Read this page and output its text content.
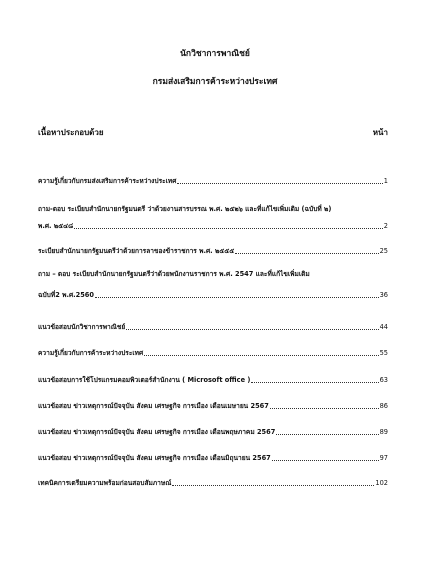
นักวิชาการพาณิชย์
กรมส่งเสริมการค้าระหว่างประเทศ
เนื้อหาประกอบด้วย	หน้า
ความรู้เกี่ยวกับกรมส่งเสริมการค้าระหว่างประเทศ	1
ถาม-ตอบ ระเบียบสำนักนายกรัฐมนตรี ว่าด้วยงานสารบรรณ พ.ศ. ๒๕๒๖ และที่แก้ไขเพิ่มเติม (ฉบับที่ ๒)
พ.ศ. ๒๕๔๘	2
ระเบียบสำนักนายกรัฐมนตรีว่าด้วยการลาของข้าราชการ พ.ศ. ๒๕๕๕	25
ถาม – ตอบ ระเบียบสำนักนายกรัฐมนตรีว่าด้วยพนักงานราชการ พ.ศ. 2547 และที่แก้ไขเพิ่มเติม
ฉบับที่2 พ.ศ.2560	36
แนวข้อสอบนักวิชาการพาณิชย์	44
ความรู้เกี่ยวกับการค้าระหว่างประเทศ	55
แนวข้อสอบการใช้โปรแกรมคอมพิวเตอร์สำนักงาน ( Microsoft office )	63
แนวข้อสอบ ข่าวเหตุการณ์ปัจจุบัน สังคม เศรษฐกิจ การเมือง เดือนเมษายน 2567	86
แนวข้อสอบ ข่าวเหตุการณ์ปัจจุบัน สังคม เศรษฐกิจ การเมือง เดือนพฤษภาคม 2567	89
แนวข้อสอบ ข่าวเหตุการณ์ปัจจุบัน สังคม เศรษฐกิจ การเมือง เดือนมิถุนายน 2567	97
เทคนิคการเตรียมความพร้อมก่อนสอบสัมภาษณ์	102
